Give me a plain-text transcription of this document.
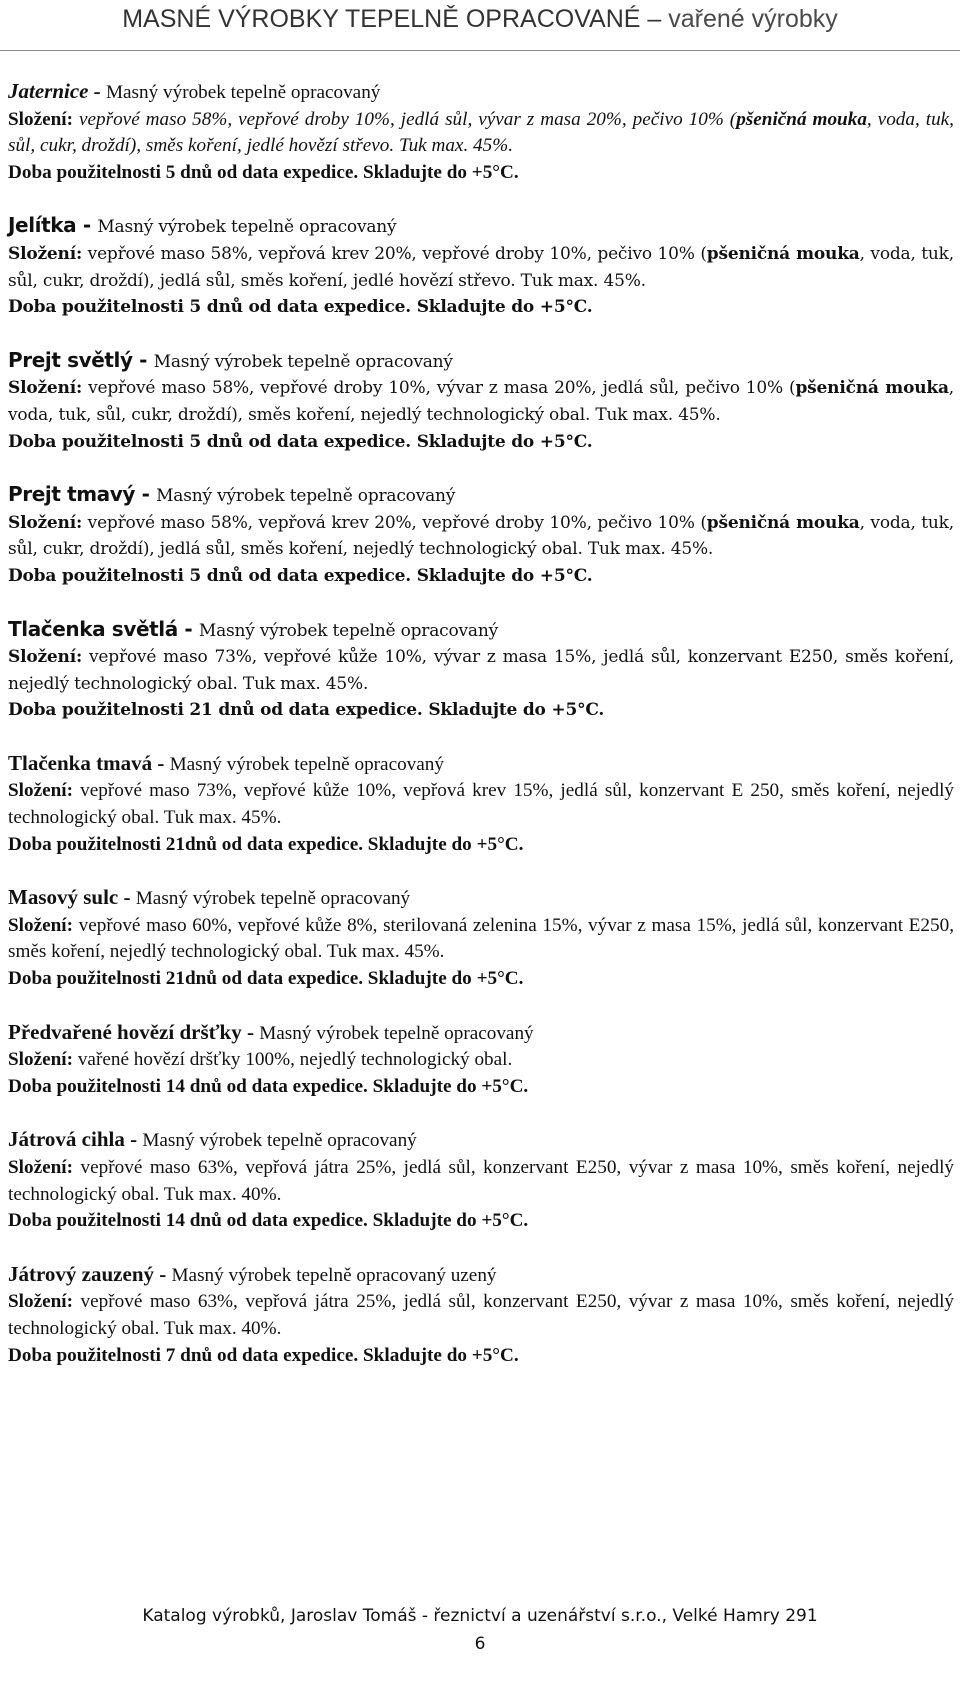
MASNÉ VÝROBKY TEPELNĚ OPRACOVANÉ – vařené výrobky

Jaternice - Masný výrobek tepelně opracovaný

Složení: vepřové maso 58%, vepřové droby 10%, jedlá sůl, vývar z masa 20%, pečivo 10% (pšeničná mouka, voda, tuk, sůl, cukr, droždí), směs koření, jedlé hovězí střevo. Tuk max. 45%.

Doba použitelnosti 5 dnů od data expedice. Skladujte do +5°C.

Jelítka - Masný výrobek tepelně opracovaný

Složení: vepřové maso 58%, vepřová krev 20%, vepřové droby 10%, pečivo 10% (pšeničná mouka, voda, tuk, sůl, cukr, droždí), jedlá sůl, směs koření, jedlé hovězí střevo. Tuk max. 45%.

Doba použitelnosti 5 dnů od data expedice. Skladujte do +5°C.

Prejt světlý - Masný výrobek tepelně opracovaný

Složení: vepřové maso 58%, vepřové droby 10%, vývar z masa 20%, jedlá sůl, pečivo 10% (pšeničná mouka, voda, tuk, sůl, cukr, droždí), směs koření, nejedlý technologický obal. Tuk max. 45%.

Doba použitelnosti 5 dnů od data expedice. Skladujte do +5°C.

Prejt tmavý - Masný výrobek tepelně opracovaný

Složení: vepřové maso 58%, vepřová krev 20%, vepřové droby 10%, pečivo 10% (pšeničná mouka, voda, tuk, sůl, cukr, droždí), jedlá sůl, směs koření, nejedlý technologický obal. Tuk max. 45%.

Doba použitelnosti 5 dnů od data expedice. Skladujte do +5°C.

Tlačenka světlá - Masný výrobek tepelně opracovaný

Složení: vepřové maso 73%, vepřové kůže 10%, vývar z masa 15%, jedlá sůl, konzervant E250, směs koření, nejedlý technologický obal. Tuk max. 45%.

Doba použitelnosti 21 dnů od data expedice. Skladujte do +5°C.

Tlačenka tmavá - Masný výrobek tepelně opracovaný

Složení: vepřové maso 73%, vepřové kůže 10%, vepřová krev 15%, jedlá sůl, konzervant E 250, směs koření, nejedlý technologický obal. Tuk max. 45%.

Doba použitelnosti 21dnů od data expedice. Skladujte do +5°C.

Masový sulc - Masný výrobek tepelně opracovaný

Složení: vepřové maso 60%, vepřové kůže 8%, sterilovaná zelenina 15%, vývar z masa 15%, jedlá sůl, konzervant E250, směs koření, nejedlý technologický obal. Tuk max. 45%.

Doba použitelnosti 21dnů od data expedice. Skladujte do +5°C.

Předvařené hovězí dršťky - Masný výrobek tepelně opracovaný

Složení: vařené hovězí dršťky 100%, nejedlý technologický obal.

Doba použitelnosti 14 dnů od data expedice. Skladujte do +5°C.

Játrová cihla - Masný výrobek tepelně opracovaný

Složení: vepřové maso 63%, vepřová játra 25%, jedlá sůl, konzervant E250, vývar z masa 10%, směs koření, nejedlý technologický obal. Tuk max. 40%.

Doba použitelnosti 14 dnů od data expedice. Skladujte do +5°C.

Játrový zauzený - Masný výrobek tepelně opracovaný uzený

Složení: vepřové maso 63%, vepřová játra 25%, jedlá sůl, konzervant E250, vývar z masa 10%, směs koření, nejedlý technologický obal. Tuk max. 40%.

Doba použitelnosti 7 dnů od data expedice. Skladujte do +5°C.

Katalog výrobků, Jaroslav Tomáš - řeznictví a uzenářství s.r.o., Velké Hamry 291
6
